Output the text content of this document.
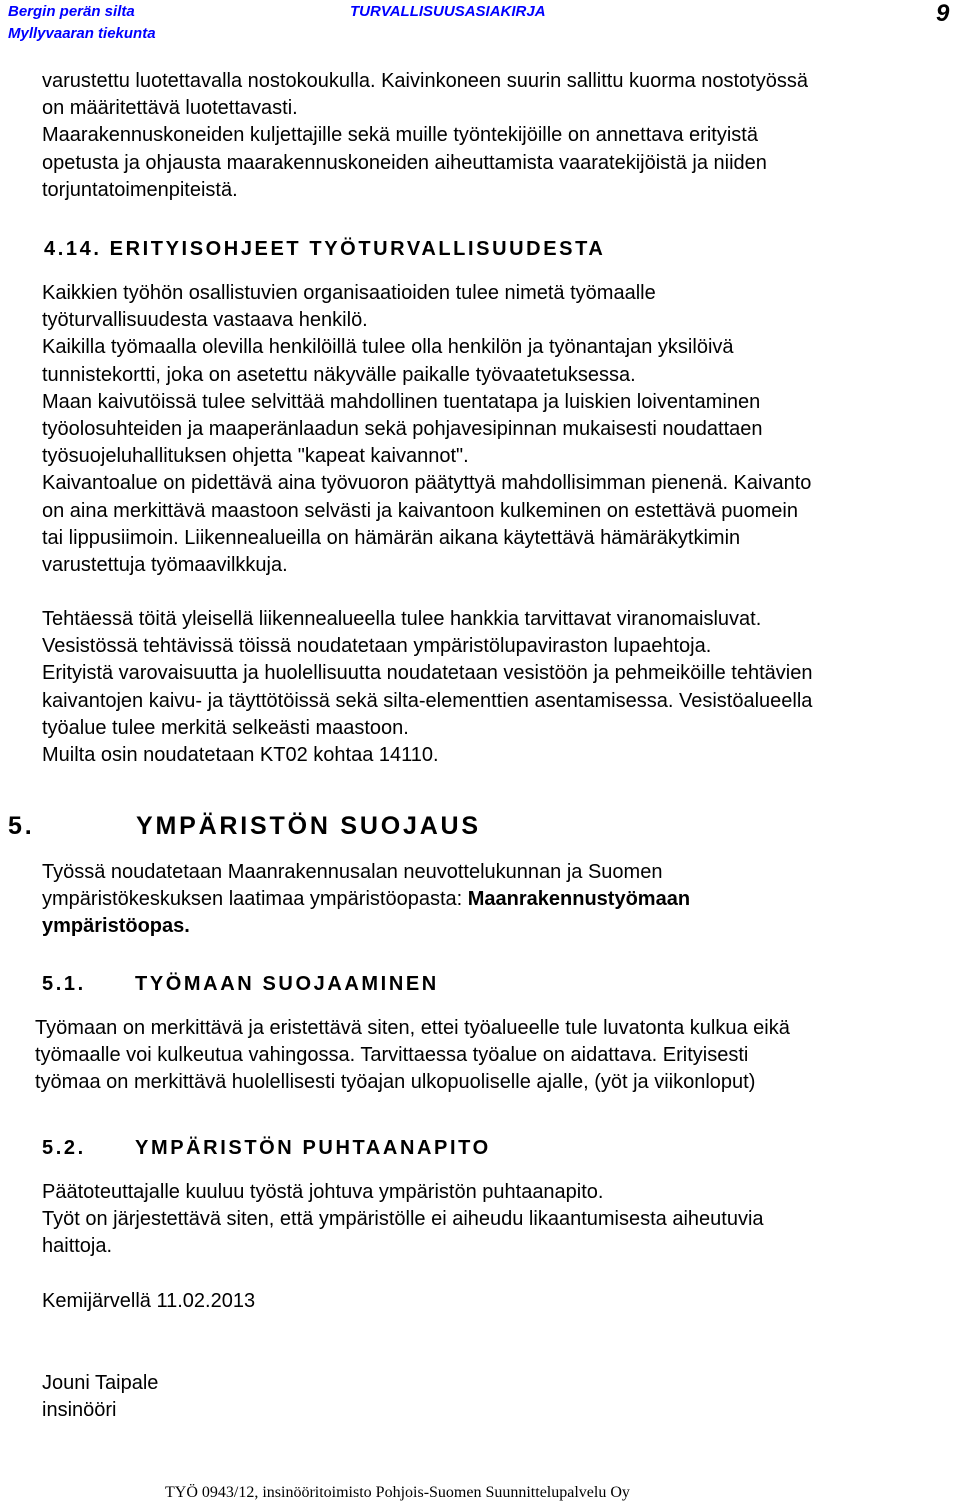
Bergin perän silta
Myllyvaaran tiekunta
TURVALLISUUSASIAKIRJA	9
varustettu luotettavalla nostokoukulla. Kaivinkoneen suurin sallittu kuorma nostotyössä
on määritettävä luotettavasti.
Maarakennuskoneiden kuljettajille sekä muille työntekijöille on annettava erityistä
opetusta ja ohjausta maarakennuskoneiden aiheuttamista vaaratekijöistä ja niiden
torjuntatoimenpiteistä.
4.14. ERITYISOHJEET TYÖTURVALLISUUDESTA
Kaikkien työhön osallistuvien organisaatioiden tulee nimetä työmaalle
työturvallisuudesta vastaava henkilö.
Kaikilla työmaalla olevilla henkilöillä tulee olla henkilön ja työnantajan yksilöivä
tunnistekortti, joka on asetettu näkyvälle paikalle työvaatetuksessa.
Maan kaivutöissä tulee selvittää mahdollinen tuentatapa ja luiskien loiventaminen
työolosuhteiden ja maaperänlaadun sekä pohjavesipinnan mukaisesti noudattaen
työsuojeluhallituksen ohjetta "kapeat kaivannot".
Kaivantoalue on pidettävä aina työvuoron päätyttyä mahdollisimman pienenä. Kaivanto
on aina merkittävä maastoon selvästi ja kaivantoon kulkeminen on estettävä puomein
tai lippusiimoin. Liikennealueilla on hämärän aikana käytettävä hämäräkytkimin
varustettuja työmaavilkkuja.
Tehtäessä töitä yleisellä liikennealueella tulee hankkia tarvittavat viranomaisluvat.
Vesistössä tehtävissä töissä noudatetaan ympäristölupaviraston lupaehtoja.
Erityistä varovaisuutta ja huolellisuutta noudatetaan vesistöön ja pehmeiköille tehtävien
kaivantojen kaivu- ja täyttötöissä sekä silta-elementtien asentamisessa. Vesistöalueella
työalue tulee merkitä selkeästi maastoon.
Muilta osin noudatetaan KT02 kohtaa 14110.
5.	YMPÄRISTÖN SUOJAUS
Työssä noudatetaan Maanrakennusalan neuvottelukunnan ja Suomen
ympäristökeskuksen laatimaa ympäristöopasta: Maanrakennustyömaan
ympäristöopas.
5.1. TYÖMAAN SUOJAAMINEN
Työmaan on merkittävä ja eristettävä siten, ettei työalueelle tule luvatonta kulkua eikä
työmaalle voi kulkeutua vahingossa. Tarvittaessa työalue on aidattava. Erityisesti
työmaa on merkittävä huolellisesti työajan ulkopuoliselle ajalle, (yöt ja viikonloput)
5.2. YMPÄRISTÖN PUHTAANAPITO
Päätoteuttajalle kuuluu työstä johtuva ympäristön puhtaanapito.
Työt on järjestettävä siten, että ympäristölle ei aiheudu likaantumisesta aiheutuvia
haittoja.
Kemijärvellä 11.02.2013
Jouni Taipale
insinööri
TYÖ 0943/12, insinööritoimisto Pohjois-Suomen Suunnittelupalvelu Oy
